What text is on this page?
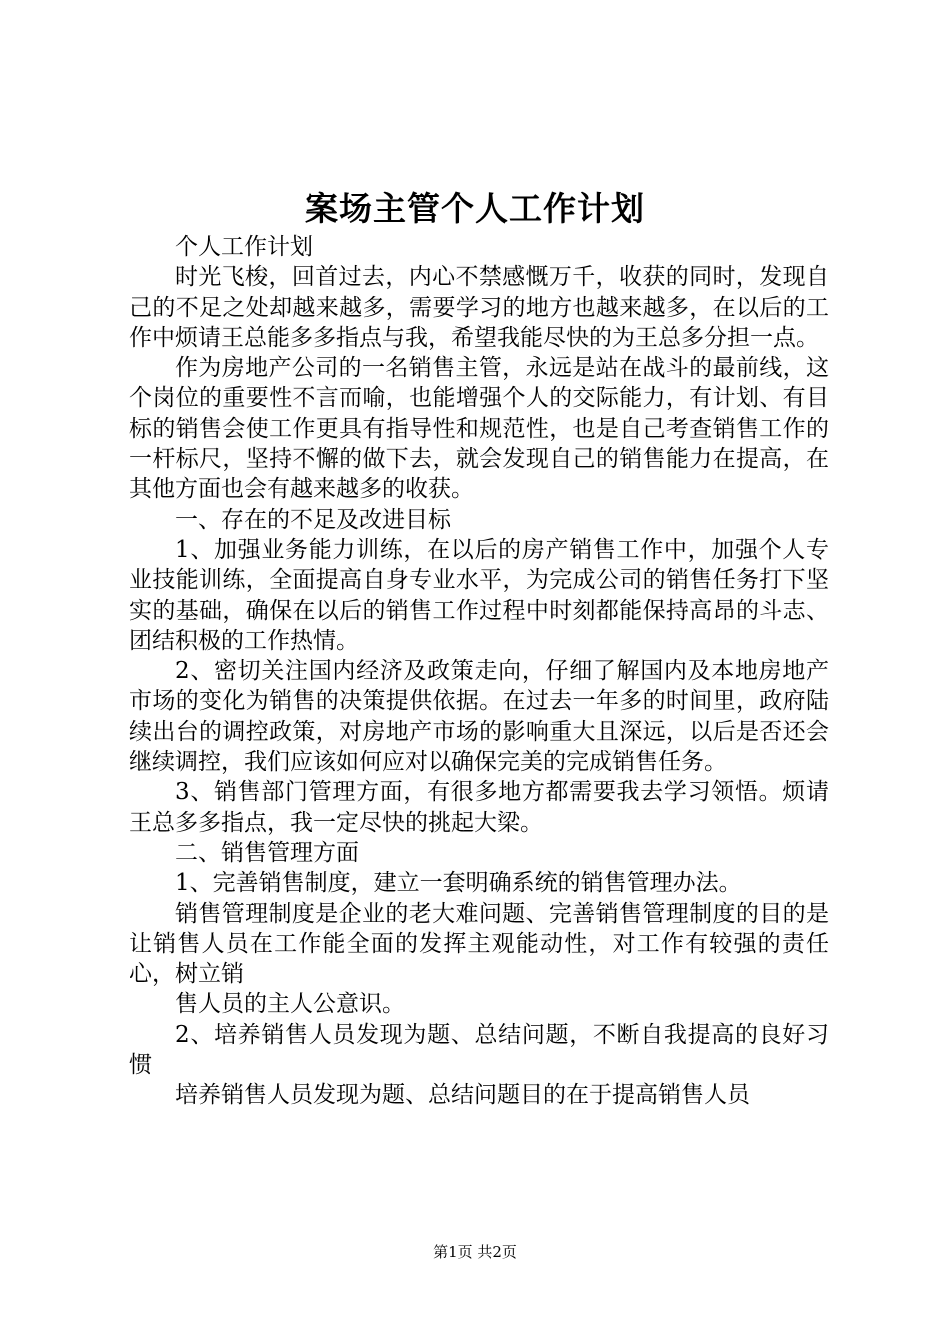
案场主管个人工作计划

个人工作计划

时光飞梭，回首过去，内心不禁感慨万千，收获的同时，发现自己的不足之处却越来越多，需要学习的地方也越来越多，在以后的工作中烦请王总能多多指点与我，希望我能尽快的为王总多分担一点。

作为房地产公司的一名销售主管，永远是站在战斗的最前线，这个岗位的重要性不言而喻，也能增强个人的交际能力，有计划、有目标的销售会使工作更具有指导性和规范性，也是自己考查销售工作的一杆标尺，坚持不懈的做下去，就会发现自己的销售能力在提高，在其他方面也会有越来越多的收获。

一、存在的不足及改进目标

1、加强业务能力训练，在以后的房产销售工作中，加强个人专业技能训练，全面提高自身专业水平，为完成公司的销售任务打下坚实的基础，确保在以后的销售工作过程中时刻都能保持高昂的斗志、团结积极的工作热情。

2、密切关注国内经济及政策走向，仔细了解国内及本地房地产市场的变化为销售的决策提供依据。在过去一年多的时间里，政府陆续出台的调控政策，对房地产市场的影响重大且深远，以后是否还会继续调控，我们应该如何应对以确保完美的完成销售任务。

3、销售部门管理方面，有很多地方都需要我去学习领悟。烦请王总多多指点，我一定尽快的挑起大梁。

二、销售管理方面

1、完善销售制度，建立一套明确系统的销售管理办法。

销售管理制度是企业的老大难问题、完善销售管理制度的目的是让销售人员在工作能全面的发挥主观能动性，对工作有较强的责任心，树立销

售人员的主人公意识。

2、培养销售人员发现为题、总结问题，不断自我提高的良好习惯

培养销售人员发现为题、总结问题目的在于提高销售人员

第1页 共2页
